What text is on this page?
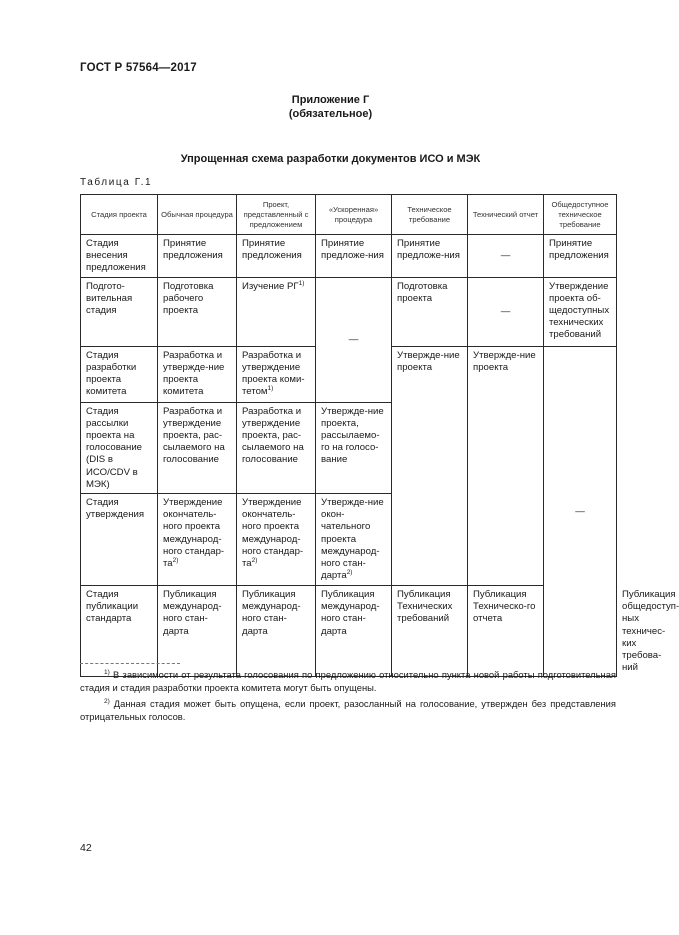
ГОСТ Р 57564—2017
Приложение Г
(обязательное)
Упрощенная схема разработки документов ИСО и МЭК
Таблица Г.1
Стадия проекта	Обычная процедура	Проект, представленный с предложением	«Ускоренная» процедура	Техническое требование	Технический отчет	Общедоступное техническое требование	
Стадия внесения предложения	Принятие предложения	Принятие предложения	Принятие предложе-ния	Принятие предложе-ния	—	Принятие предложения	
Подгото-вительная стадия	Подготовка рабочего проекта	Изучение РГ$^{1)}$	—	Подготовка проекта	—	Утверждение проекта об-щедоступных технических требований	
Стадия разработки проекта комитета	Разработка и утвержде-ние проекта комитета	Разработка и утверждение проекта коми-тетом$^{1)}$		Утвержде-ние проекта	Утвержде-ние проекта	—	
Стадия рассылки проекта на голосование (DIS в ИСО/CDV в МЭК)	Разработка и утверждение проекта, рас-сылаемого на голосование	Разработка и утверждение проекта, рас-сылаемого на голосование	Утвержде-ние проекта, рассылаемо-го на голосо-вание				
Стадия утверждения	Утверждение окончатель-ного проекта международ-ного стандар-$та^{2)}$	Утверждение окончатель-ного проекта международ-ного стандар-$та^{2)}$	Утвержде-ние окон-чательного проекта международ-ного стан-дарта$^{2)}$
Стадия публикации стандарта	Публикация международ-ного стан-дарта	Публикация международ-ного стан-дарта	Публикация международ-ного стан-дарта	Публикация Технических требований	Публикация Техническо-го отчета		Публикация общедоступ-ных техничес-ких требова-ний
$^{1)}$ В зависимости от результата голосования по предложению относительно пункта новой работы подготовительная стадия и стадия разработки проекта комитета могут быть опущены.
$^{2)}$ Данная стадия может быть опущена, если проект, разосланный на голосование, утвержден без представления отрицательных голосов.
42
